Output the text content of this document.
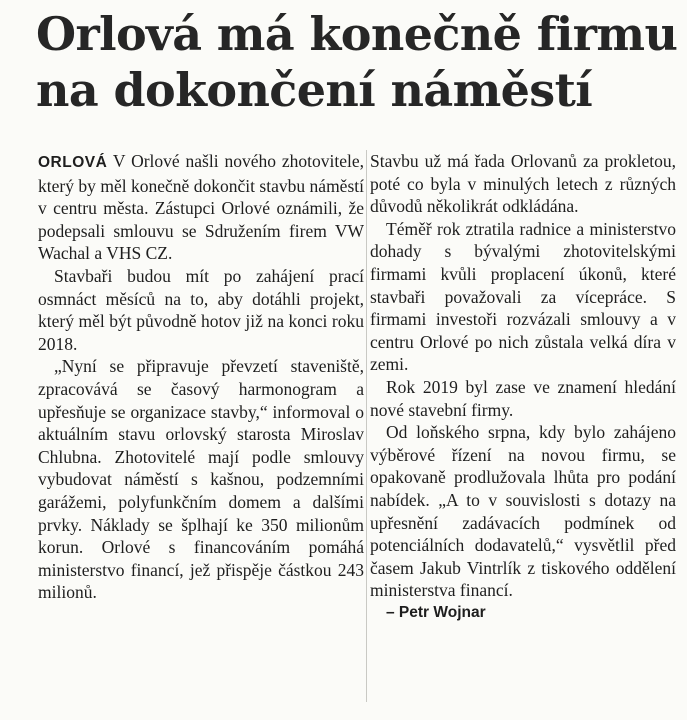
Orlová má konečně firmu
na dokončení náměstí

ORLOVÁ V Orlové našli nového zhotovitele, který by měl konečně dokončit stavbu náměstí v centru města. Zástupci Orlové oznámili, že podepsali smlouvu se Sdružením firem VW Wachal a VHS CZ.

Stavbaři budou mít po zahájení prací osmnáct měsíců na to, aby dotáhli projekt, který měl být původně hotov již na konci roku 2018.

„Nyní se připravuje převzetí staveniště, zpracovává se časový harmonogram a upřesňuje se organizace stavby,“ informoval o aktuálním stavu orlovský starosta Miroslav Chlubna. Zhotovitelé mají podle smlouvy vybudovat náměstí s kašnou, podzemními garážemi, polyfunkčním domem a dalšími prvky. Náklady se šplhají ke 350 milionům korun. Orlové s financováním pomáhá ministerstvo financí, jež přispěje částkou 243 milionů.

Stavbu už má řada Orlovanů za prokletou, poté co byla v minulých letech z různých důvodů několikrát odkládána.

Téměř rok ztratila radnice a ministerstvo dohady s bývalými zhotovitelskými firmami kvůli proplacení úkonů, které stavbaři považovali za vícepráce. S firmami investoři rozvázali smlouvy a v centru Orlové po nich zůstala velká díra v zemi.

Rok 2019 byl zase ve znamení hledání nové stavební firmy.

Od loňského srpna, kdy bylo zahájeno výběrové řízení na novou firmu, se opakovaně prodlužovala lhůta pro podání nabídek. „A to v souvislosti s dotazy na upřesnění zadávacích podmínek od potenciálních dodavatelů,“ vysvětlil před časem Jakub Vintrlík z tiskového oddělení ministerstva financí.

– Petr Wojnar
